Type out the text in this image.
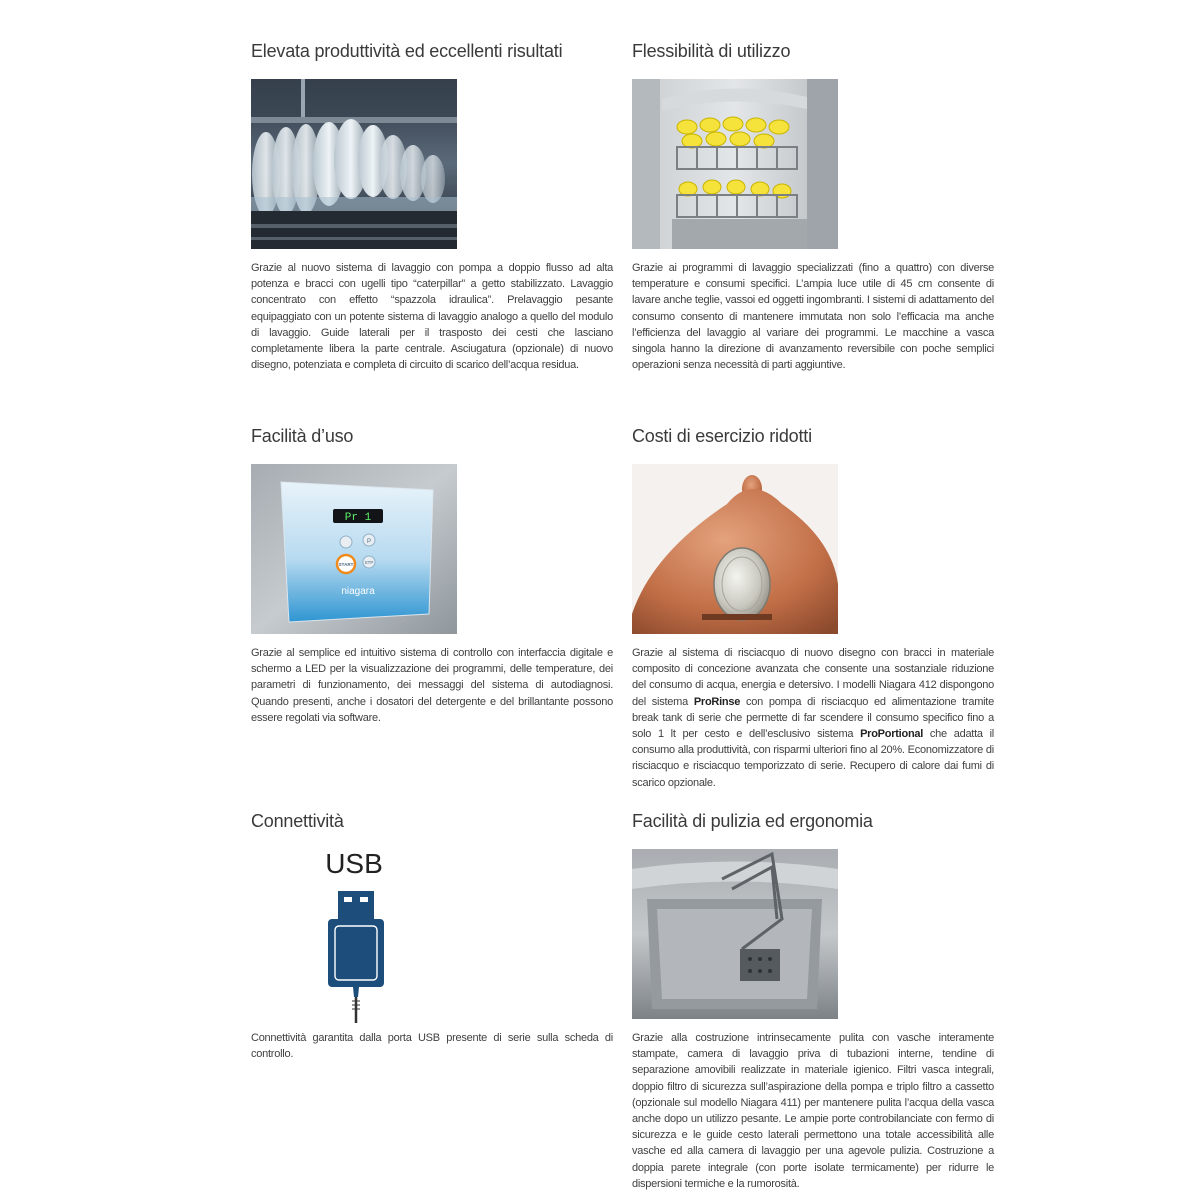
Elevata produttività ed eccellenti risultati

Grazie al nuovo sistema di lavaggio con pompa a doppio flusso ad alta potenza e bracci con ugelli tipo “caterpillar” a getto stabilizzato. Lavaggio concentrato con effetto “spazzola idraulica”. Prelavaggio pesante equipaggiato con un potente sistema di lavaggio analogo a quello del modulo di lavaggio. Guide laterali per il trasposto dei cesti che lasciano completamente libera la parte centrale. Asciugatura (opzionale) di nuovo disegno, potenziata e completa di circuito di scarico dell’acqua residua.

Flessibilità di utilizzo

Grazie ai programmi di lavaggio specializzati (fino a quattro) con diverse temperature e consumi specifici. L’ampia luce utile di 45 cm consente di lavare anche teglie, vassoi ed oggetti ingombranti. I sistemi di adattamento del consumo consento di mantenere immutata non solo l’efficacia ma anche l’efficienza del lavaggio al variare dei programmi. Le macchine a vasca singola hanno la direzione di avanzamento reversibile con poche semplici operazioni senza necessità di parti aggiuntive.

Facilità d’uso
Pr 1
P
START	STP
niagara

Grazie al semplice ed intuitivo sistema di controllo con interfaccia digitale e schermo a LED per la visualizzazione dei programmi, delle temperature, dei parametri di funzionamento, dei messaggi del sistema di autodiagnosi. Quando presenti, anche i dosatori del detergente e del brillantante possono essere regolati via software.

Costi di esercizio ridotti

Grazie al sistema di risciacquo di nuovo disegno con bracci in materiale composito di concezione avanzata che consente una sostanziale riduzione del consumo di acqua, energia e detersivo. I modelli Niagara 412 dispongono del sistema ProRinse con pompa di risciacquo ed alimentazione tramite break tank di serie che permette di far scendere il consumo specifico fino a solo 1 lt per cesto e dell’esclusivo sistema ProPortional che adatta il consumo alla produttività, con risparmi ulteriori fino al 20%. Economizzatore di risciacquo e risciacquo temporizzato di serie. Recupero di calore dai fumi di scarico opzionale.

Connettività
USB

Connettività garantita dalla porta USB presente di serie sulla scheda di controllo.

Facilità di pulizia ed ergonomia

Grazie alla costruzione intrinsecamente pulita con vasche interamente stampate, camera di lavaggio priva di tubazioni interne, tendine di separazione amovibili realizzate in materiale igienico. Filtri vasca integrali, doppio filtro di sicurezza sull’aspirazione della pompa e triplo filtro a cassetto (opzionale sul modello Niagara 411) per mantenere pulita l’acqua della vasca anche dopo un utilizzo pesante. Le ampie porte controbilanciate con fermo di sicurezza e le guide cesto laterali permettono una totale accessibilità alle vasche ed alla camera di lavaggio per una agevole pulizia. Costruzione a doppia parete integrale (con porte isolate termicamente) per ridurre le dispersioni termiche e la rumorosità.
